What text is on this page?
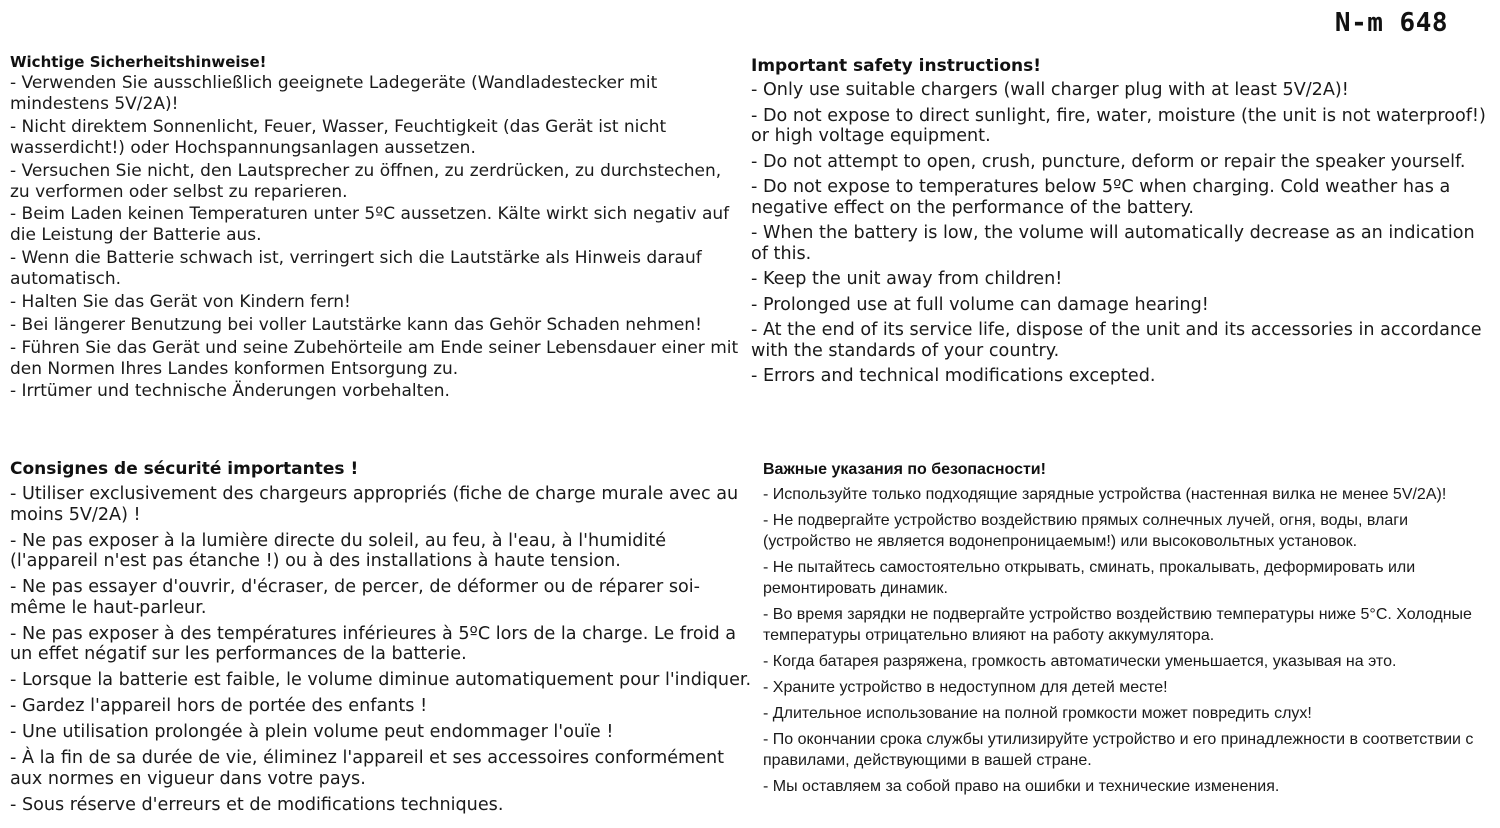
N-m 648
Wichtige Sicherheitshinweise!
- Verwenden Sie ausschließlich geeignete Ladegeräte (Wandladestecker mit mindestens 5V/2A)!
- Nicht direktem Sonnenlicht, Feuer, Wasser, Feuchtigkeit (das Gerät ist nicht wasserdicht!) oder Hochspannungsanlagen aussetzen.
- Versuchen Sie nicht, den Lautsprecher zu öffnen, zu zerdrücken, zu durchstechen, zu verformen oder selbst zu reparieren.
- Beim Laden keinen Temperaturen unter 5ºC aussetzen. Kälte wirkt sich negativ auf die Leistung der Batterie aus.
- Wenn die Batterie schwach ist, verringert sich die Lautstärke als Hinweis darauf automatisch.
- Halten Sie das Gerät von Kindern fern!
- Bei längerer Benutzung bei voller Lautstärke kann das Gehör Schaden nehmen!
- Führen Sie das Gerät und seine Zubehörteile am Ende seiner Lebensdauer einer mit den Normen Ihres Landes konformen Entsorgung zu.
- Irrtümer und technische Änderungen vorbehalten.
Important safety instructions!
- Only use suitable chargers (wall charger plug with at least 5V/2A)!
- Do not expose to direct sunlight, fire, water, moisture (the unit is not waterproof!) or high voltage equipment.
- Do not attempt to open, crush, puncture, deform or repair the speaker yourself.
- Do not expose to temperatures below 5ºC when charging. Cold weather has a negative effect on the performance of the battery.
- When the battery is low, the volume will automatically decrease as an indication of this.
- Keep the unit away from children!
- Prolonged use at full volume can damage hearing!
- At the end of its service life, dispose of the unit and its accessories in accordance with the standards of your country.
- Errors and technical modifications excepted.
Consignes de sécurité importantes !
- Utiliser exclusivement des chargeurs appropriés (fiche de charge murale avec au moins 5V/2A) !
- Ne pas exposer à la lumière directe du soleil, au feu, à l'eau, à l'humidité (l'appareil n'est pas étanche !) ou à des installations à haute tension.
- Ne pas essayer d'ouvrir, d'écraser, de percer, de déformer ou de réparer soi-même le haut-parleur.
- Ne pas exposer à des températures inférieures à 5ºC lors de la charge. Le froid a un effet négatif sur les performances de la batterie.
- Lorsque la batterie est faible, le volume diminue automatiquement pour l'indiquer.
- Gardez l'appareil hors de portée des enfants !
- Une utilisation prolongée à plein volume peut endommager l'ouïe !
- À la fin de sa durée de vie, éliminez l'appareil et ses accessoires conformément aux normes en vigueur dans votre pays.
- Sous réserve d'erreurs et de modifications techniques.
Важные указания по безопасности!
- Используйте только подходящие зарядные устройства (настенная вилка не менее 5V/2A)!
- Не подвергайте устройство воздействию прямых солнечных лучей, огня, воды, влаги (устройство не является водонепроницаемым!) или высоковольтных установок.
- Не пытайтесь самостоятельно открывать, сминать, прокалывать, деформировать или ремонтировать динамик.
- Во время зарядки не подвергайте устройство воздействию температуры ниже 5°C. Холодные температуры отрицательно влияют на работу аккумулятора.
- Когда батарея разряжена, громкость автоматически уменьшается, указывая на это.
- Храните устройство в недоступном для детей месте!
- Длительное использование на полной громкости может повредить слух!
- По окончании срока службы утилизируйте устройство и его принадлежности в соответствии с правилами, действующими в вашей стране.
- Мы оставляем за собой право на ошибки и технические изменения.
